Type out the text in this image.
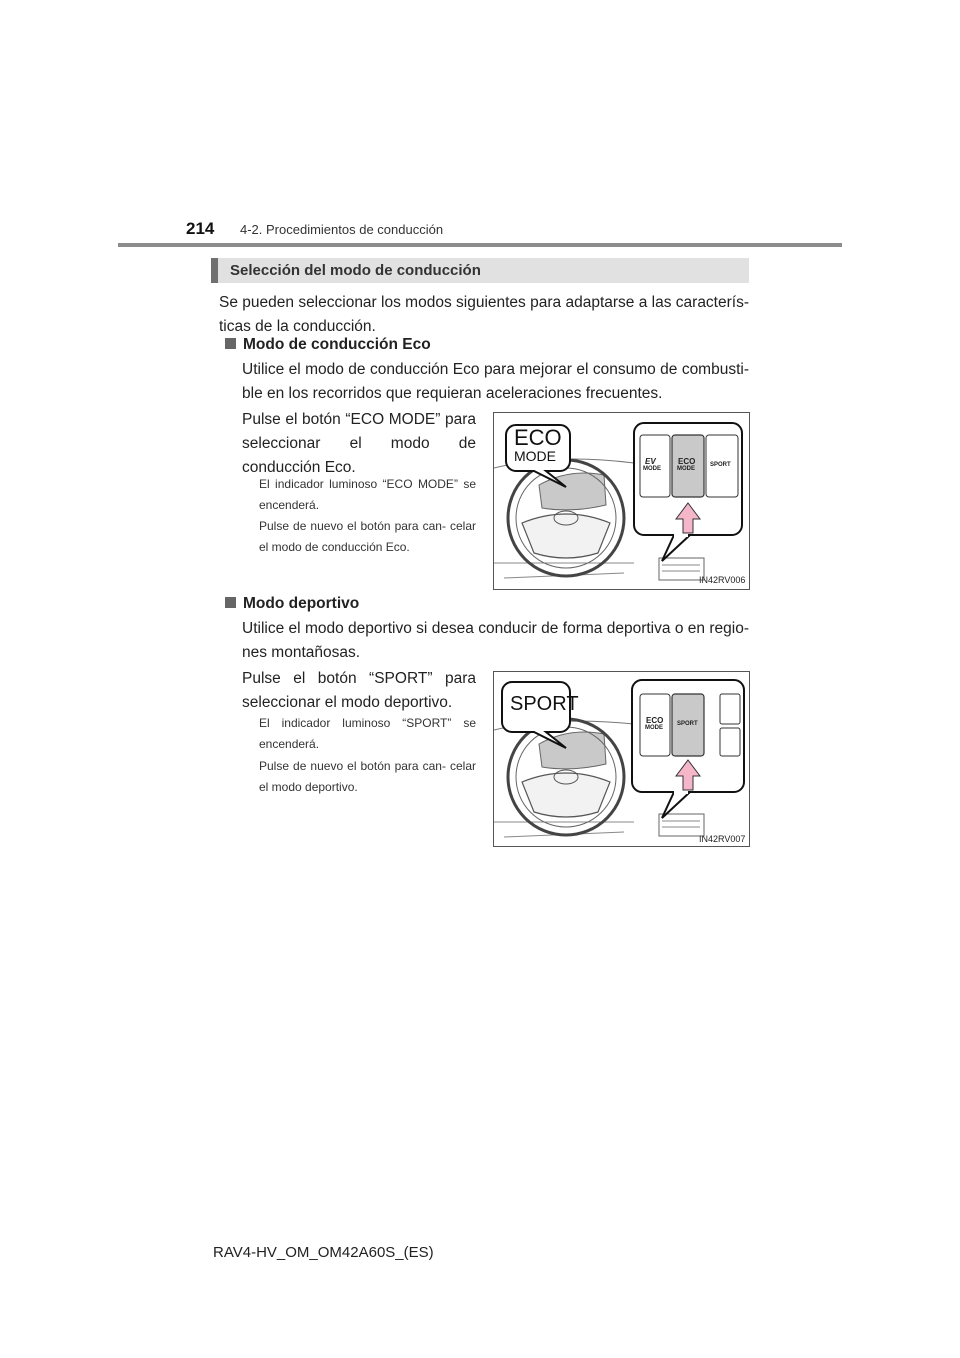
214 4-2. Procedimientos de conducción
Selección del modo de conducción
Se pueden seleccionar los modos siguientes para adaptarse a las caracterís- ticas de la conducción.
Modo de conducción Eco
Utilice el modo de conducción Eco para mejorar el consumo de combusti- ble en los recorridos que requieran aceleraciones frecuentes.
Pulse el botón “ECO MODE” para seleccionar el modo de conducción Eco.
El indicador luminoso “ECO MODE” se encenderá.
Pulse de nuevo el botón para can- celar el modo de conducción Eco.
ECO
MODE	EV
MODE
ECO
MODE
SPORT
IN42RV006
Modo deportivo
Utilice el modo deportivo si desea conducir de forma deportiva o en regio- nes montañosas.
Pulse el botón “SPORT” para seleccionar el modo deportivo.
El indicador luminoso “SPORT” se encenderá.
Pulse de nuevo el botón para can- celar el modo deportivo.
SPORT
ECO
MODE
SPORT
IN42RV007
RAV4-HV_OM_OM42A60S_(ES)
